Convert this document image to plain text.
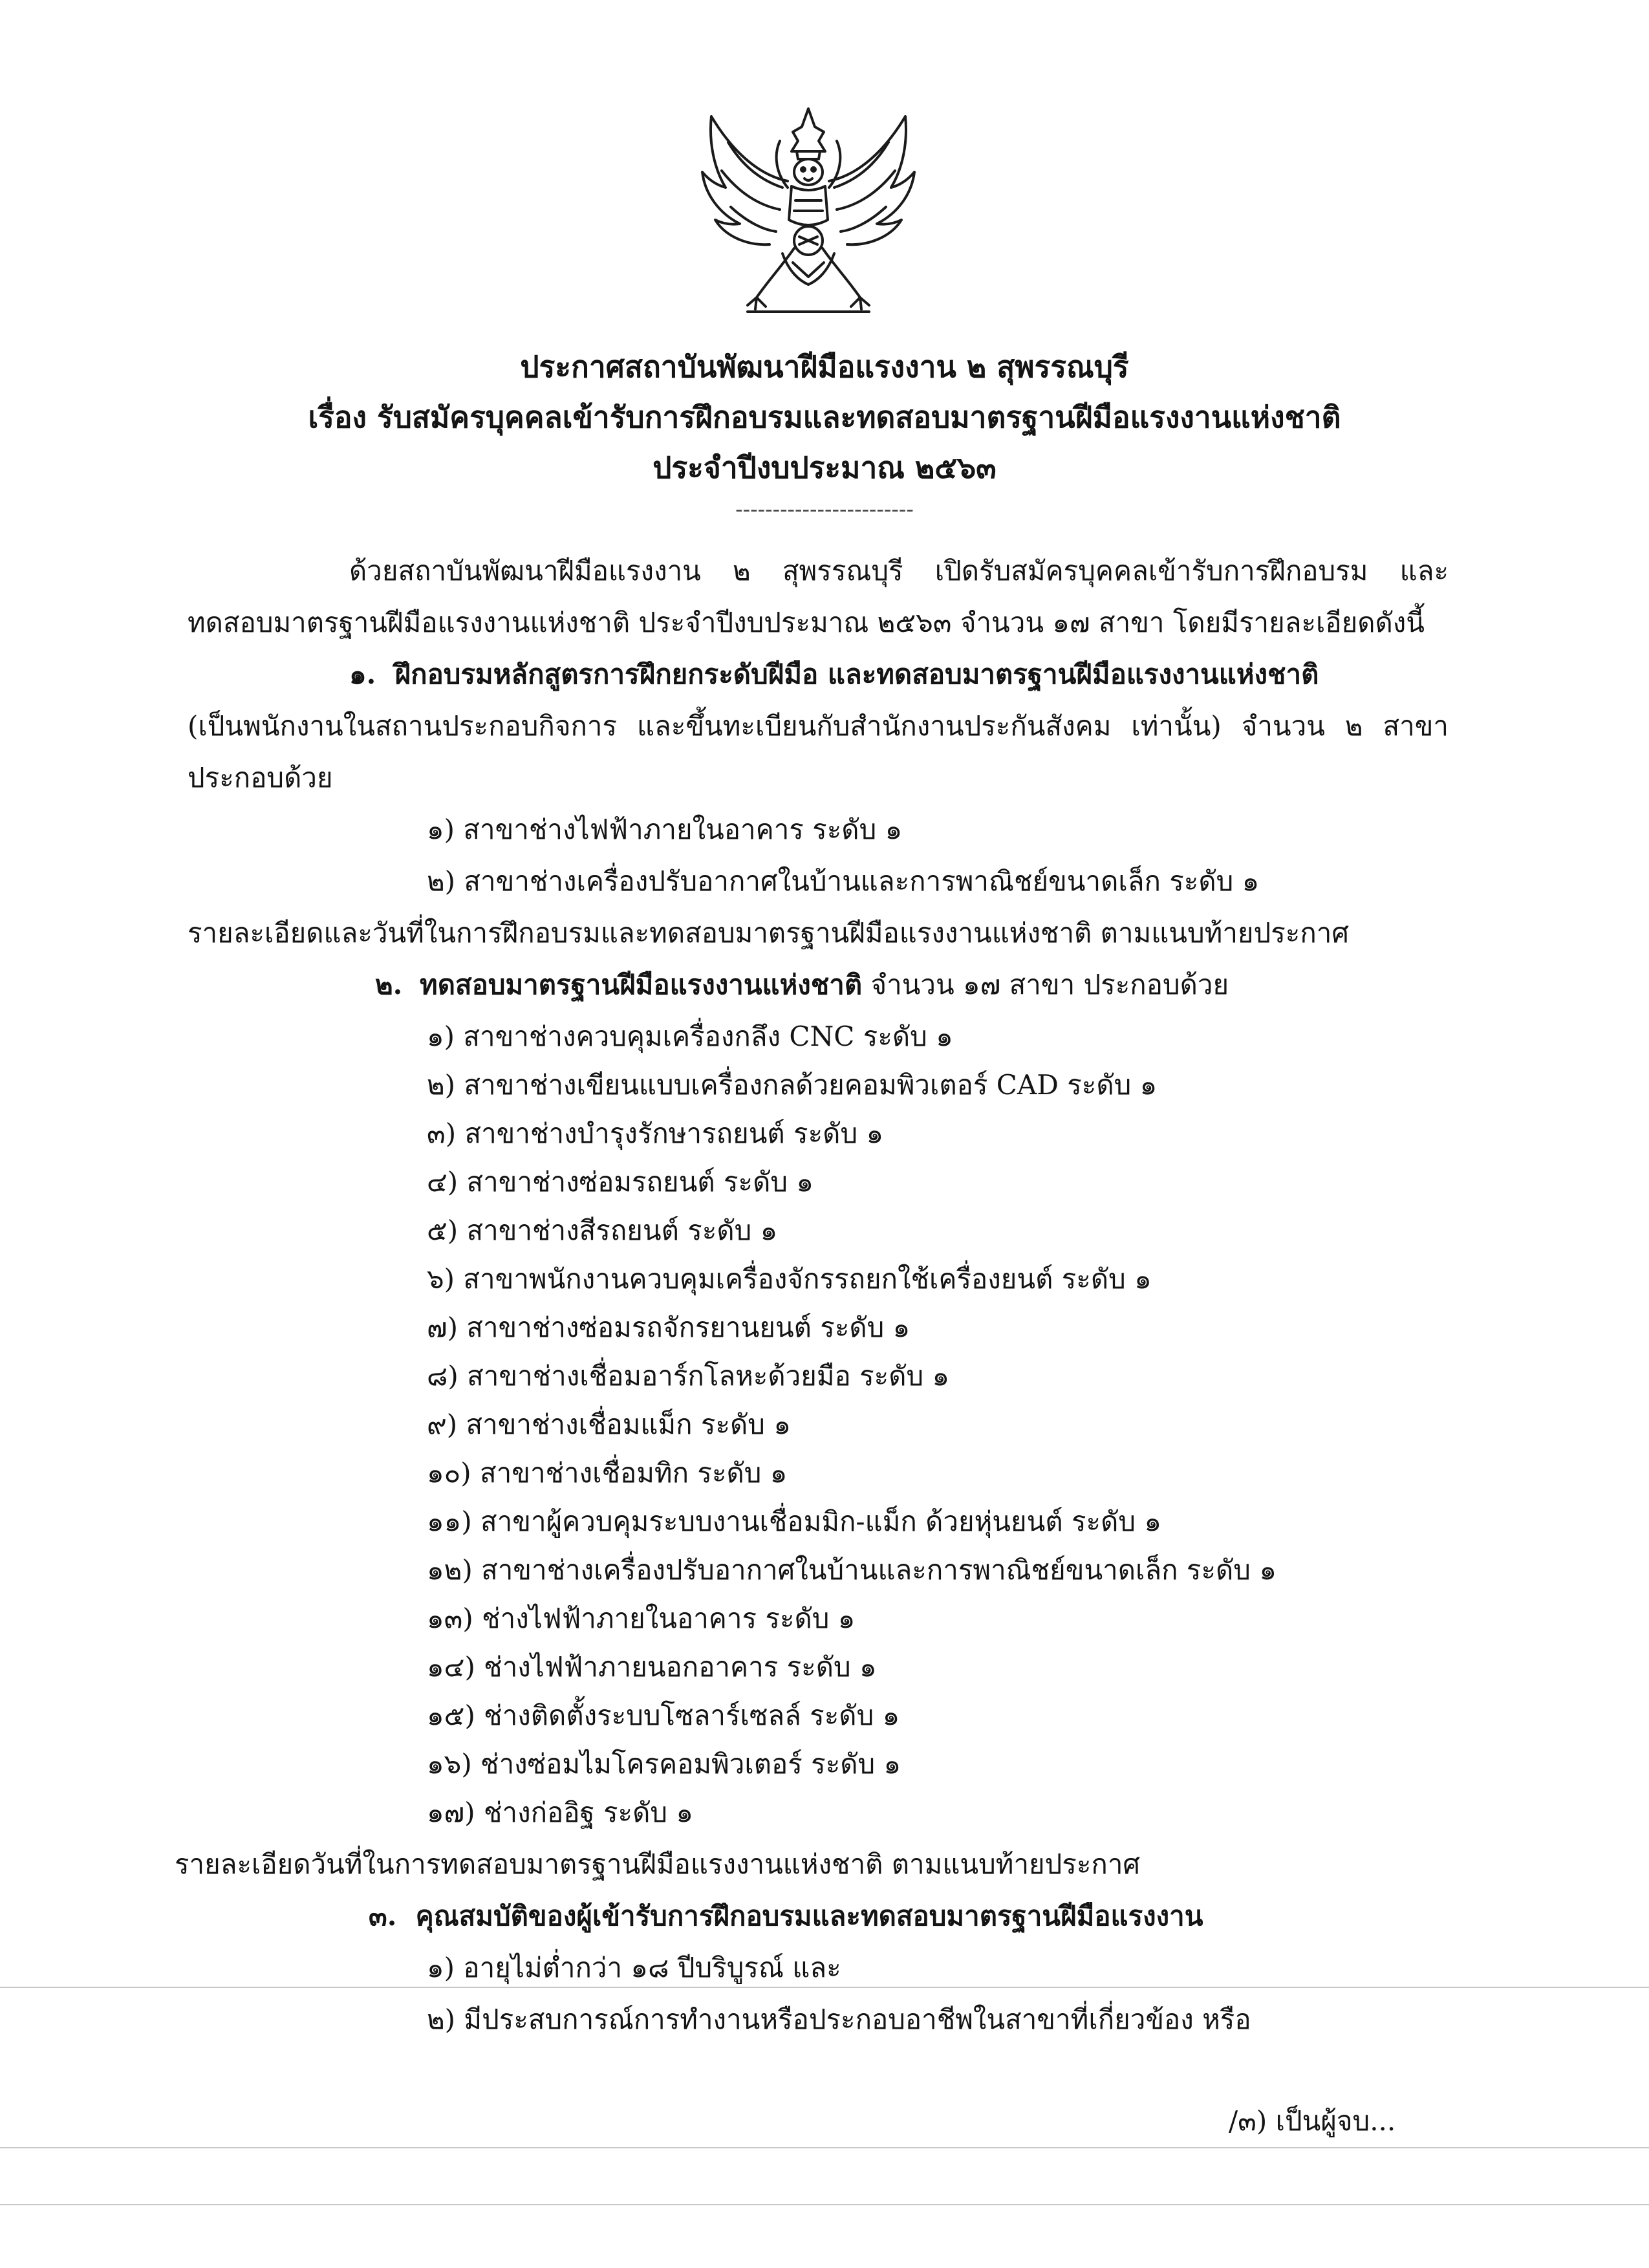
ประกาศสถาบันพัฒนาฝีมือแรงงาน ๒ สุพรรณบุรี
เรื่อง รับสมัครบุคคลเข้ารับการฝึกอบรมและทดสอบมาตรฐานฝีมือแรงงานแห่งชาติ
ประจำปีงบประมาณ ๒๕๖๓
------------------------
ด้วยสถาบันพัฒนาฝีมือแรงงาน ๒ สุพรรณบุรี เปิดรับสมัครบุคคลเข้ารับการฝึกอบรม และ
ทดสอบมาตรฐานฝีมือแรงงานแห่งชาติ ประจำปีงบประมาณ ๒๕๖๓ จำนวน ๑๗ สาขา โดยมีรายละเอียดดังนี้
๑. ฝึกอบรมหลักสูตรการฝึกยกระดับฝีมือ และทดสอบมาตรฐานฝีมือแรงงานแห่งชาติ
(เป็นพนักงานในสถานประกอบกิจการ และขึ้นทะเบียนกับสำนักงานประกันสังคม เท่านั้น) จำนวน ๒ สาขา
ประกอบด้วย
๑) สาขาช่างไฟฟ้าภายในอาคาร ระดับ ๑
๒) สาขาช่างเครื่องปรับอากาศในบ้านและการพาณิชย์ขนาดเล็ก ระดับ ๑
รายละเอียดและวันที่ในการฝึกอบรมและทดสอบมาตรฐานฝีมือแรงงานแห่งชาติ ตามแนบท้ายประกาศ
๒. ทดสอบมาตรฐานฝีมือแรงงานแห่งชาติ จำนวน ๑๗ สาขา ประกอบด้วย
๑) สาขาช่างควบคุมเครื่องกลึง CNC ระดับ ๑
๒) สาขาช่างเขียนแบบเครื่องกลด้วยคอมพิวเตอร์ CAD ระดับ ๑
๓) สาขาช่างบำรุงรักษารถยนต์ ระดับ ๑
๔) สาขาช่างซ่อมรถยนต์ ระดับ ๑
๕) สาขาช่างสีรถยนต์ ระดับ ๑
๖) สาขาพนักงานควบคุมเครื่องจักรรถยกใช้เครื่องยนต์ ระดับ ๑
๗) สาขาช่างซ่อมรถจักรยานยนต์ ระดับ ๑
๘) สาขาช่างเชื่อมอาร์กโลหะด้วยมือ ระดับ ๑
๙) สาขาช่างเชื่อมแม็ก ระดับ ๑
๑๐) สาขาช่างเชื่อมทิก ระดับ ๑
๑๑) สาขาผู้ควบคุมระบบงานเชื่อมมิก-แม็ก ด้วยหุ่นยนต์ ระดับ ๑
๑๒) สาขาช่างเครื่องปรับอากาศในบ้านและการพาณิชย์ขนาดเล็ก ระดับ ๑
๑๓) ช่างไฟฟ้าภายในอาคาร ระดับ ๑
๑๔) ช่างไฟฟ้าภายนอกอาคาร ระดับ ๑
๑๕) ช่างติดตั้งระบบโซลาร์เซลล์ ระดับ ๑
๑๖) ช่างซ่อมไมโครคอมพิวเตอร์ ระดับ ๑
๑๗) ช่างก่ออิฐ ระดับ ๑
รายละเอียดวันที่ในการทดสอบมาตรฐานฝีมือแรงงานแห่งชาติ ตามแนบท้ายประกาศ
๓. คุณสมบัติของผู้เข้ารับการฝึกอบรมและทดสอบมาตรฐานฝีมือแรงงาน
๑) อายุไม่ต่ำกว่า ๑๘ ปีบริบูรณ์ และ
๒) มีประสบการณ์การทำงานหรือประกอบอาชีพในสาขาที่เกี่ยวข้อง หรือ
/๓) เป็นผู้จบ...
